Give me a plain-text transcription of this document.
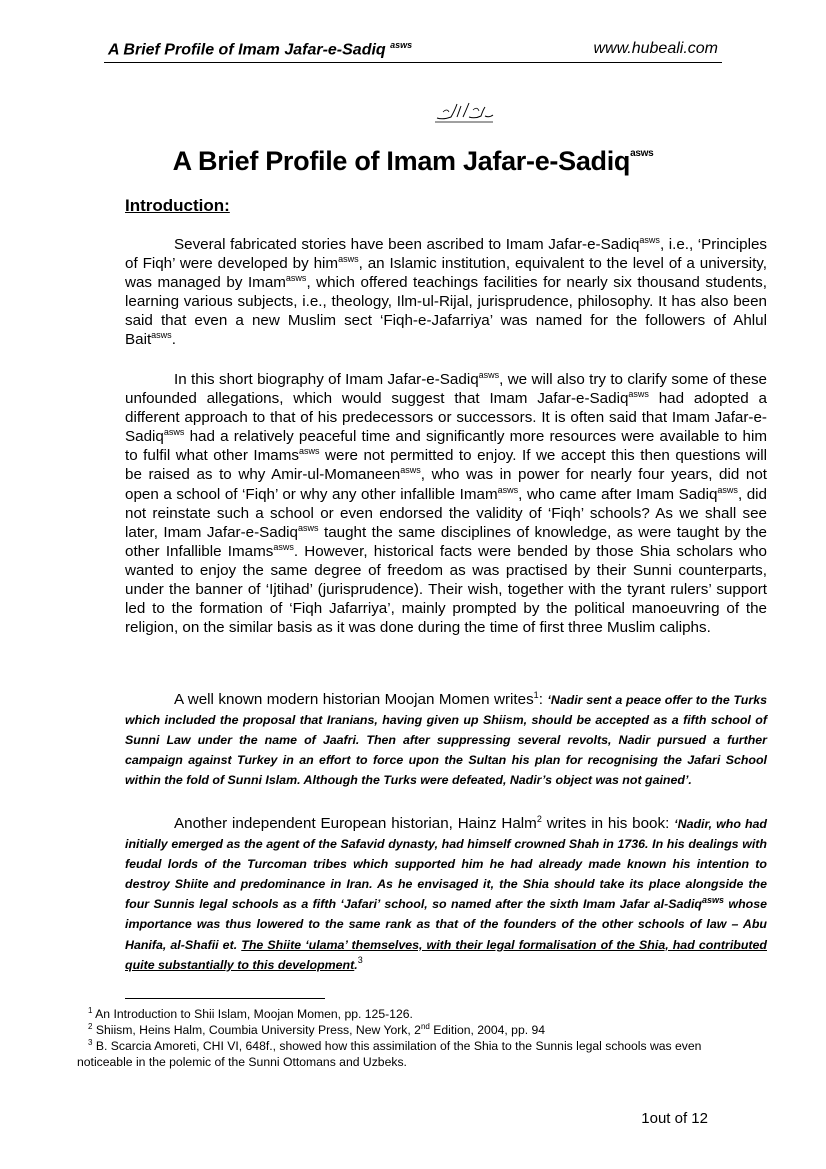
A Brief Profile of Imam Jafar-e-Sadiq $^{asws}$	www.hubeali.com
A Brief Profile of Imam Jafar-e-Sadiq$^{asws}$
Introduction:

Several fabricated stories have been ascribed to Imam Jafar-e-Sadiq$^{asws}$, i.e., ‘Principles of Fiqh’ were developed by him$^{asws}$, an Islamic institution, equivalent to the level of a university, was managed by Imam$^{asws}$, which offered teachings facilities for nearly six thousand students, learning various subjects, i.e., theology, Ilm-ul-Rijal, jurisprudence, philosophy. It has also been said that even a new Muslim sect ‘Fiqh-e-Jafarriya’ was named for the followers of Ahlul Bait$^{asws}$.

In this short biography of Imam Jafar-e-Sadiq$^{asws}$, we will also try to clarify some of these unfounded allegations, which would suggest that Imam Jafar-e-Sadiq$^{asws}$ had adopted a different approach to that of his predecessors or successors. It is often said that Imam Jafar-e-Sadiq$^{asws}$ had a relatively peaceful time and significantly more resources were available to him to fulfil what other Imams$^{asws}$ were not permitted to enjoy. If we accept this then questions will be raised as to why Amir-ul-Momaneen$^{asws}$, who was in power for nearly four years, did not open a school of ‘Fiqh’ or why any other infallible Imam$^{asws}$, who came after Imam Sadiq$^{asws}$, did not reinstate such a school or even endorsed the validity of ‘Fiqh’ schools? As we shall see later, Imam Jafar-e-Sadiq$^{asws}$ taught the same disciplines of knowledge, as were taught by the other Infallible Imams$^{asws}$. However, historical facts were bended by those Shia scholars who wanted to enjoy the same degree of freedom as was practised by their Sunni counterparts, under the banner of ‘Ijtihad’ (jurisprudence). Their wish, together with the tyrant rulers’ support led to the formation of ‘Fiqh Jafarriya’, mainly prompted by the political manoeuvring of the religion, on the similar basis as it was done during the time of first three Muslim caliphs.

A well known modern historian Moojan Momen writes$^1$: ‘Nadir sent a peace offer to the Turks which included the proposal that Iranians, having given up Shiism, should be accepted as a fifth school of Sunni Law under the name of Jaafri. Then after suppressing several revolts, Nadir pursued a further campaign against Turkey in an effort to force upon the Sultan his plan for recognising the Jafari School within the fold of Sunni Islam. Although the Turks were defeated, Nadir’s object was not gained’.

Another independent European historian, Hainz Halm$^2$ writes in his book: ‘Nadir, who had initially emerged as the agent of the Safavid dynasty, had himself crowned Shah in 1736. In his dealings with feudal lords of the Turcoman tribes which supported him he had already made known his intention to destroy Shiite and predominance in Iran. As he envisaged it, the Shia should take its place alongside the four Sunnis legal schools as a fifth ‘Jafari’ school, so named after the sixth Imam Jafar al-Sadiq$^{asws}$ whose importance was thus lowered to the same rank as that of the founders of the other schools of law – Abu Hanifa, al-Shafii et. The Shiite ‘ulama’ themselves, with their legal formalisation of the Shia, had contributed quite substantially to this development.$^3$

$^1$ An Introduction to Shii Islam, Moojan Momen, pp. 125-126.
$^2$ Shiism, Heins Halm, Coumbia University Press, New York, 2nd Edition, 2004, pp. 94
$^3$ B. Scarcia Amoreti, CHI VI, 648f., showed how this assimilation of the Shia to the Sunnis legal schools was even noticeable in the polemic of the Sunni Ottomans and Uzbeks.
1out of 12
